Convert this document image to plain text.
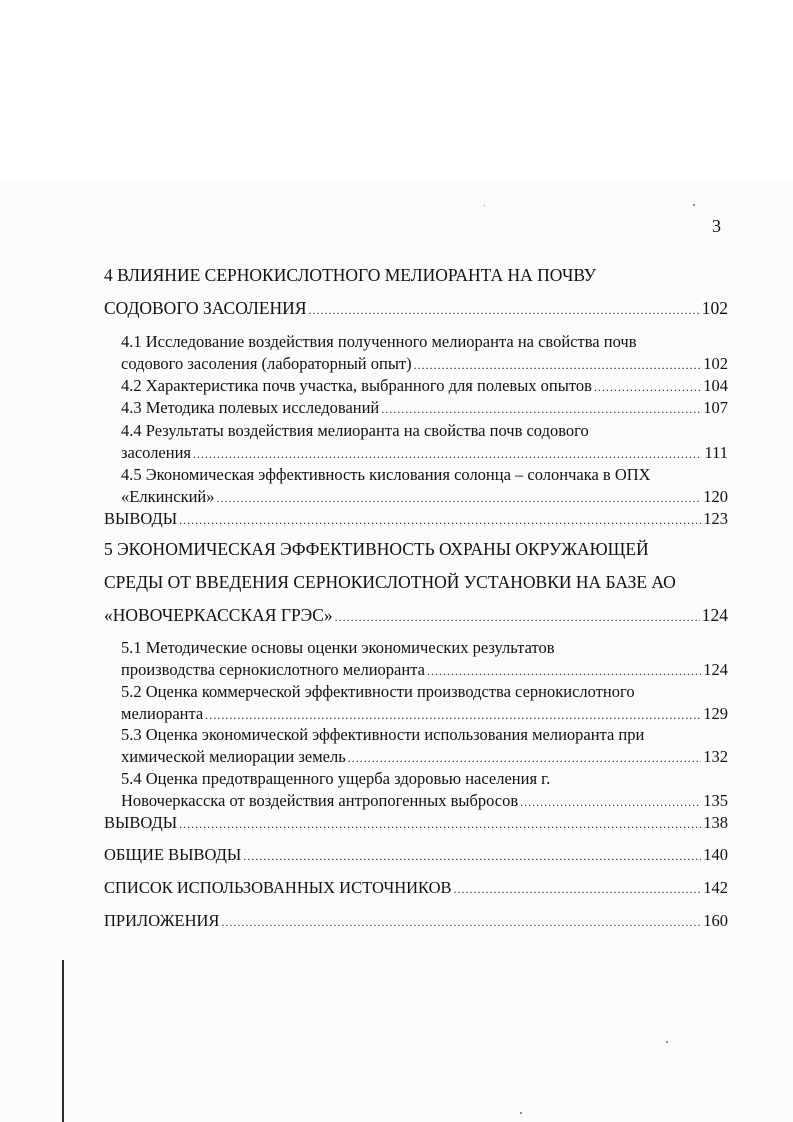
3
4 ВЛИЯНИЕ СЕРНОКИСЛОТНОГО МЕЛИОРАНТА НА ПОЧВУ
СОДОВОГО ЗАСОЛЕНИЯ .....	102
4.1 Исследование воздействия полученного мелиоранта на свойства почв
содового засоления (лабораторный опыт) .....	102
4.2 Характеристика почв участка, выбранного для полевых опытов .....	104
4.3 Методика полевых исследований .....	107
4.4 Результаты воздействия мелиоранта на свойства почв содового
засоления .....	111
4.5 Экономическая эффективность кислования солонца – солончака в ОПХ
«Елкинский» .....	120
ВЫВОДЫ .....	123
5 ЭКОНОМИЧЕСКАЯ ЭФФЕКТИВНОСТЬ ОХРАНЫ ОКРУЖАЮЩЕЙ
СРЕДЫ ОТ ВВЕДЕНИЯ СЕРНОКИСЛОТНОЙ УСТАНОВКИ НА БАЗЕ АО
«НОВОЧЕРКАССКАЯ ГРЭС» .....	124
5.1 Методические основы оценки экономических результатов
производства сернокислотного мелиоранта .....	124
5.2 Оценка коммерческой эффективности производства сернокислотного
мелиоранта .....	129
5.3 Оценка экономической эффективности использования мелиоранта при
химической мелиорации земель .....	132
5.4 Оценка предотвращенного ущерба здоровью населения г.
Новочеркасска от воздействия антропогенных выбросов .....	135
ВЫВОДЫ .....	138
ОБЩИЕ ВЫВОДЫ .....	140
СПИСОК ИСПОЛЬЗОВАННЫХ ИСТОЧНИКОВ .....	142
ПРИЛОЖЕНИЯ .....	160
